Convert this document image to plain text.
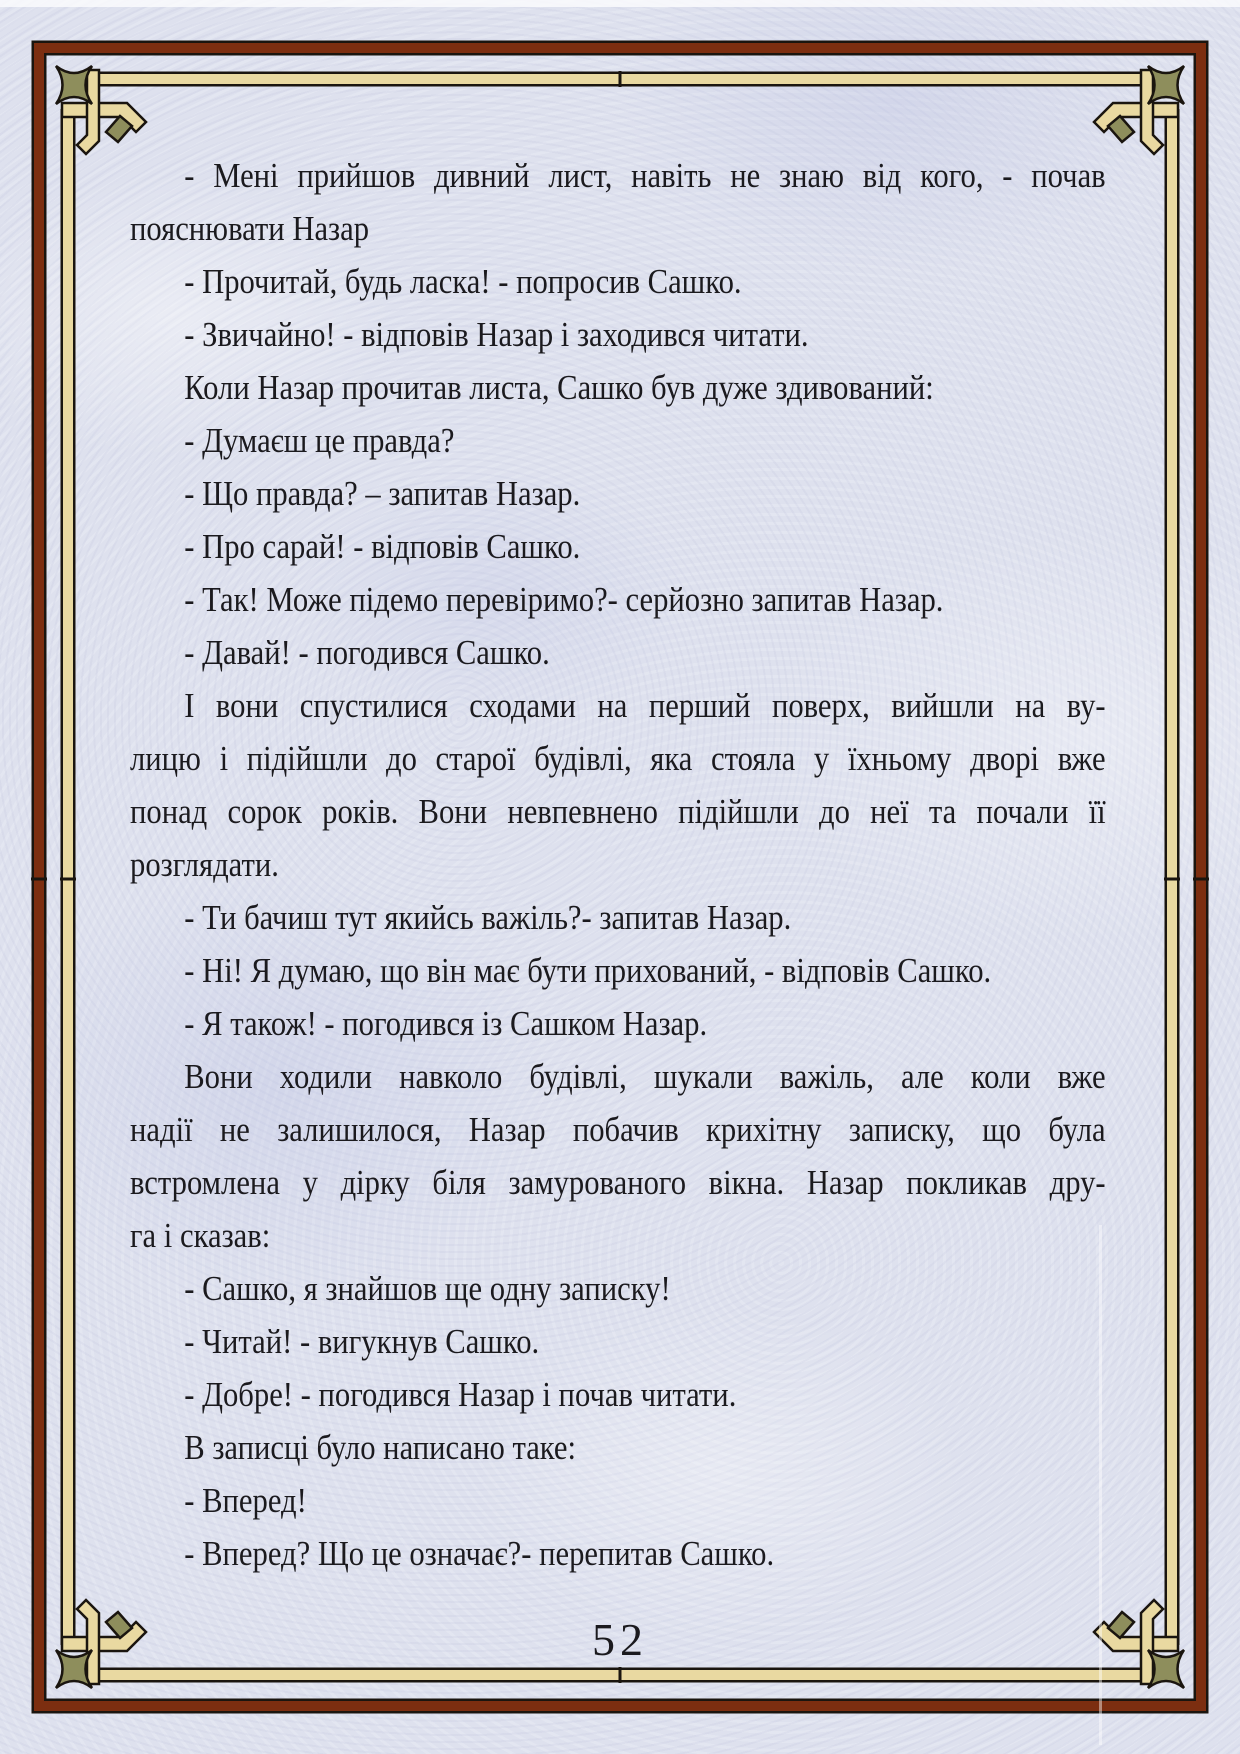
- Мені прийшов дивний лист, навіть не знаю від кого, - почав
пояснювати Назар
- Прочитай, будь ласка! - попросив Сашко.
- Звичайно! - відповів Назар і заходився читати.
Коли Назар прочитав листа, Сашко був дуже здивований:
- Думаєш це правда?
- Що правда? – запитав Назар.
- Про сарай! - відповів Сашко.
- Так! Може підемо перевіримо?- серйозно запитав Назар.
- Давай! - погодився Сашко.
І вони спустилися сходами на перший поверх, вийшли на ву-
лицю і підійшли до старої будівлі, яка стояла у їхньому дворі вже
понад сорок років. Вони невпевнено підійшли до неї та почали її
розглядати.
- Ти бачиш тут якийсь важіль?- запитав Назар.
- Ні! Я думаю, що він має бути прихований, - відповів Сашко.
- Я також! - погодився із Сашком Назар.
Вони ходили навколо будівлі, шукали важіль, але коли вже
надії не залишилося, Назар побачив крихітну записку, що була
встромлена у дірку біля замурованого вікна. Назар покликав дру-
га і сказав:
- Сашко, я знайшов ще одну записку!
- Читай! - вигукнув Сашко.
- Добре! - погодився Назар і почав читати.
В записці було написано таке:
- Вперед!
- Вперед? Що це означає?- перепитав Сашко.
52
